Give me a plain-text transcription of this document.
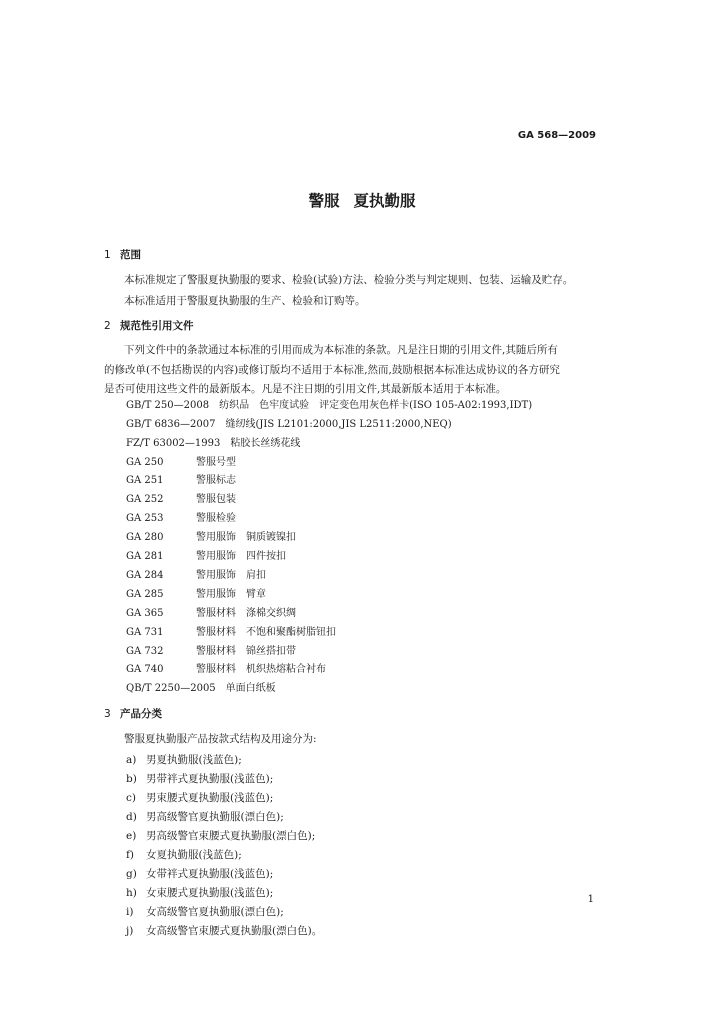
GA 568—2009
警服 夏执勤服
1 范围
本标准规定了警服夏执勤服的要求、检验(试验)方法、检验分类与判定规则、包装、运输及贮存。
本标准适用于警服夏执勤服的生产、检验和订购等。
2 规范性引用文件
下列文件中的条款通过本标准的引用而成为本标准的条款。凡是注日期的引用文件,其随后所有
的修改单(不包括勘误的内容)或修订版均不适用于本标准,然而,鼓励根据本标准达成协议的各方研究
是否可使用这些文件的最新版本。凡是不注日期的引用文件,其最新版本适用于本标准。
GB/T 250—2008　 纺织品　色牢度试验　评定变色用灰色样卡(ISO 105-A02:1993,IDT)
GB/T 6836—2007　 缝纫线(JIS L2101:2000,JIS L2511:2000,NEQ)
FZ/T 63002—1993　 粘胶长丝绣花线
GA 250　	警服号型
GA 251　	警服标志
GA 252　	警服包装
GA 253　	警服检验
GA 280　	警用服饰　铜质镀镍扣
GA 281　	警用服饰　四件按扣
GA 284　	警用服饰　肩扣
GA 285　	警用服饰　臂章
GA 365　	警服材料　涤棉交织绸
GA 731　	警服材料　不饱和聚酯树脂钮扣
GA 732　	警服材料　锦丝搭扣带
GA 740　	警服材料　机织热熔粘合衬布
QB/T 2250—2005　 单面白纸板
3 产品分类
警服夏执勤服产品按款式结构及用途分为:
a) 男夏执勤服(浅蓝色);
b) 男带袢式夏执勤服(浅蓝色);
c) 男束腰式夏执勤服(浅蓝色);
d) 男高级警官夏执勤服(漂白色);
e) 男高级警官束腰式夏执勤服(漂白色);
f) 女夏执勤服(浅蓝色);
g) 女带袢式夏执勤服(浅蓝色);
h) 女束腰式夏执勤服(浅蓝色);
i) 女高级警官夏执勤服(漂白色);
j) 女高级警官束腰式夏执勤服(漂白色)。
1
